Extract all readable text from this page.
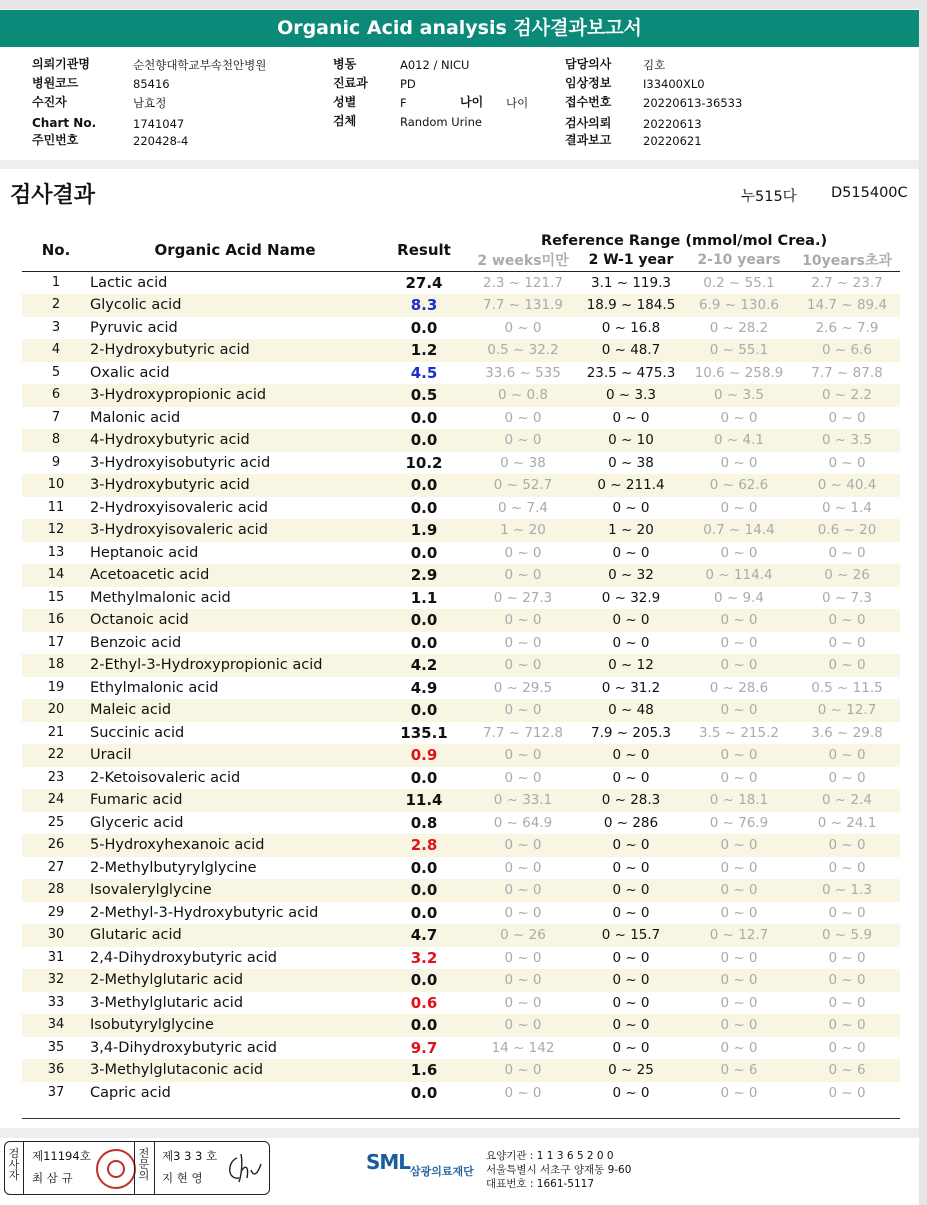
Organic Acid analysis 검사결과보고서
의뢰기관명	순천향대학교부속천안병원
병원코드	85416
수진자	남효정
Chart No.	1741047
주민번호	220428-4
병동	A012 / NICU
진료과	PD
성별	F	나이 나이
검체	Random Urine
담당의사	김호
임상정보	I33400XL0
접수번호	20220613-36533
검사의뢰	20220613
결과보고	20220621
검사결과	누515다 D515400C
No.	Organic Acid Name	Result	Reference Range (mmol/mol Crea.)			
			2 weeks미만	2 W-1 year	2-10 years	10years초과
1	Lactic acid	27.4	2.3 ~ 121.7	3.1 ~ 119.3	0.2 ~ 55.1	2.7 ~ 23.7
2	Glycolic acid	8.3	7.7 ~ 131.9	18.9 ~ 184.5	6.9 ~ 130.6	14.7 ~ 89.4
3	Pyruvic acid	0.0	0 ~ 0	0 ~ 16.8	0 ~ 28.2	2.6 ~ 7.9
4	2-Hydroxybutyric acid	1.2	0.5 ~ 32.2	0 ~ 48.7	0 ~ 55.1	0 ~ 6.6
5	Oxalic acid	4.5	33.6 ~ 535	23.5 ~ 475.3	10.6 ~ 258.9	7.7 ~ 87.8
6	3-Hydroxypropionic acid	0.5	0 ~ 0.8	0 ~ 3.3	0 ~ 3.5	0 ~ 2.2
7	Malonic acid	0.0	0 ~ 0	0 ~ 0	0 ~ 0	0 ~ 0
8	4-Hydroxybutyric acid	0.0	0 ~ 0	0 ~ 10	0 ~ 4.1	0 ~ 3.5
9	3-Hydroxyisobutyric acid	10.2	0 ~ 38	0 ~ 38	0 ~ 0	0 ~ 0
10	3-Hydroxybutyric acid	0.0	0 ~ 52.7	0 ~ 211.4	0 ~ 62.6	0 ~ 40.4
11	2-Hydroxyisovaleric acid	0.0	0 ~ 7.4	0 ~ 0	0 ~ 0	0 ~ 1.4
12	3-Hydroxyisovaleric acid	1.9	1 ~ 20	1 ~ 20	0.7 ~ 14.4	0.6 ~ 20
13	Heptanoic acid	0.0	0 ~ 0	0 ~ 0	0 ~ 0	0 ~ 0
14	Acetoacetic acid	2.9	0 ~ 0	0 ~ 32	0 ~ 114.4	0 ~ 26
15	Methylmalonic acid	1.1	0 ~ 27.3	0 ~ 32.9	0 ~ 9.4	0 ~ 7.3
16	Octanoic acid	0.0	0 ~ 0	0 ~ 0	0 ~ 0	0 ~ 0
17	Benzoic acid	0.0	0 ~ 0	0 ~ 0	0 ~ 0	0 ~ 0
18	2-Ethyl-3-Hydroxypropionic acid	4.2	0 ~ 0	0 ~ 12	0 ~ 0	0 ~ 0
19	Ethylmalonic acid	4.9	0 ~ 29.5	0 ~ 31.2	0 ~ 28.6	0.5 ~ 11.5
20	Maleic acid	0.0	0 ~ 0	0 ~ 48	0 ~ 0	0 ~ 12.7
21	Succinic acid	135.1	7.7 ~ 712.8	7.9 ~ 205.3	3.5 ~ 215.2	3.6 ~ 29.8
22	Uracil	0.9	0 ~ 0	0 ~ 0	0 ~ 0	0 ~ 0
23	2-Ketoisovaleric acid	0.0	0 ~ 0	0 ~ 0	0 ~ 0	0 ~ 0
24	Fumaric acid	11.4	0 ~ 33.1	0 ~ 28.3	0 ~ 18.1	0 ~ 2.4
25	Glyceric acid	0.8	0 ~ 64.9	0 ~ 286	0 ~ 76.9	0 ~ 24.1
26	5-Hydroxyhexanoic acid	2.8	0 ~ 0	0 ~ 0	0 ~ 0	0 ~ 0
27	2-Methylbutyrylglycine	0.0	0 ~ 0	0 ~ 0	0 ~ 0	0 ~ 0
28	Isovalerylglycine	0.0	0 ~ 0	0 ~ 0	0 ~ 0	0 ~ 1.3
29	2-Methyl-3-Hydroxybutyric acid	0.0	0 ~ 0	0 ~ 0	0 ~ 0	0 ~ 0
30	Glutaric acid	4.7	0 ~ 26	0 ~ 15.7	0 ~ 12.7	0 ~ 5.9
31	2,4-Dihydroxybutyric acid	3.2	0 ~ 0	0 ~ 0	0 ~ 0	0 ~ 0
32	2-Methylglutaric acid	0.0	0 ~ 0	0 ~ 0	0 ~ 0	0 ~ 0
33	3-Methylglutaric acid	0.6	0 ~ 0	0 ~ 0	0 ~ 0	0 ~ 0
34	Isobutyrylglycine	0.0	0 ~ 0	0 ~ 0	0 ~ 0	0 ~ 0
35	3,4-Dihydroxybutyric acid	9.7	14 ~ 142	0 ~ 0	0 ~ 0	0 ~ 0
36	3-Methylglutaconic acid	1.6	0 ~ 0	0 ~ 25	0 ~ 6	0 ~ 6
37	Capric acid	0.0	0 ~ 0	0 ~ 0	0 ~ 0	0 ~ 0
검사자
제11194호
최 삼 규
전문의
제3 3 3 호
지 현 영
SML 삼광의료재단
요양기관 : 1 1 3 6 5 2 0 0
서울특별시 서초구 양재동 9-60
대표번호 : 1661-5117
